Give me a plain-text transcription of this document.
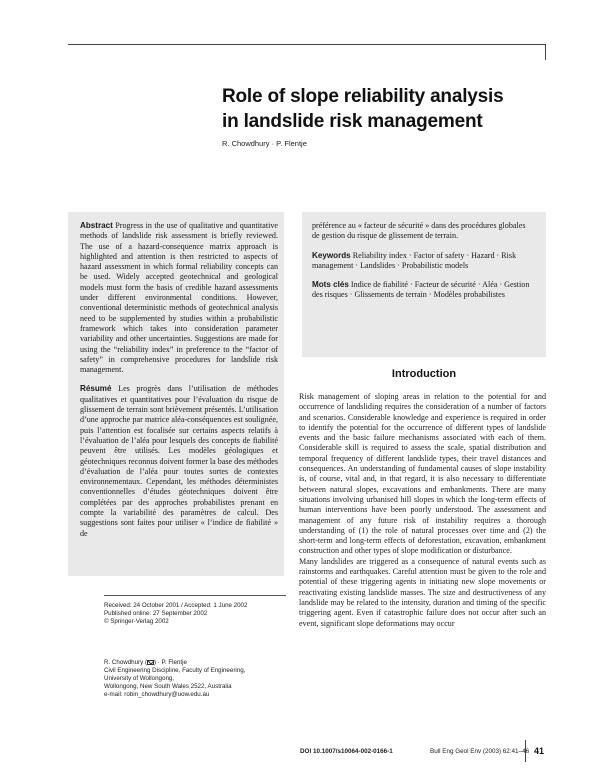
Role of slope reliability analysis
in landslide risk management
R. Chowdhury · P. Flentje

Abstract Progress in the use of qualitative and quantitative methods of landslide risk assessment is briefly reviewed. The use of a hazard-consequence matrix approach is highlighted and attention is then restricted to aspects of hazard assessment in which formal reliability concepts can be used. Widely accepted geotechnical and geological models must form the basis of credible hazard assessments under different environmental conditions. However, conventional deterministic methods of geotechnical analysis need to be supplemented by studies within a probabilistic framework which takes into consideration parameter variability and other uncertainties. Suggestions are made for using the “reliability index” in preference to the “factor of safety” in comprehensive procedures for landslide risk management.

Résumé Les progrès dans l’utilisation de méthodes qualitatives et quantitatives pour l’évaluation du risque de glissement de terrain sont brièvement présentés. L’utilisation d’une approche par matrice aléa-conséquences est soulignée, puis l’attention est focalisée sur certains aspects relatifs à l’évaluation de l’aléa pour lesquels des concepts de fiabilité peuvent être utilisés. Les modèles géologiques et géotechniques reconnus doivent former la base des méthodes d’évaluation de l’aléa pour toutes sortes de contextes environnementaux. Cependant, les méthodes déterministes conventionnelles d’études géotechniques doivent être complétées par des approches probabilistes prenant en compte la variabilité des paramètres de calcul. Des suggestions sont faites pour utiliser « l’indice de fiabilité » de

préférence au « facteur de sécurité » dans des procédures globales de gestion du risque de glissement de terrain.

Keywords Reliability index · Factor of safety · Hazard · Risk management · Landslides · Probabilistic models

Mots clés Indice de fiabilité · Facteur de sécurité · Aléa · Gestion des risques · Glissements de terrain · Modèles probabilistes

Introduction

Risk management of sloping areas in relation to the potential for and occurrence of landsliding requires the consideration of a number of factors and scenarios. Considerable knowledge and experience is required in order to identify the potential for the occurrence of different types of landslide events and the basic failure mechanisms associated with each of them. Considerable skill is required to assess the scale, spatial distribution and temporal frequency of different landslide types, their travel distances and consequences. An understanding of fundamental causes of slope instability is, of course, vital and, in that regard, it is also necessary to differentiate between natural slopes, excavations and embankments. There are many situations involving urbanised hill slopes in which the long-term effects of human interventions have been poorly understood. The assessment and management of any future risk of instability requires a thorough understanding of (1) the role of natural processes over time and (2) the short-term and long-term effects of deforestation, excavation, embankment construction and other types of slope modification or disturbance.

Many landslides are triggered as a consequence of natural events such as rainstorms and earthquakes. Careful attention must be given to the role and potential of these triggering agents in initiating new slope movements or reactivating existing landslide masses. The size and destructiveness of any landslide may be related to the intensity, duration and timing of the specific triggering agent. Even if catastrophic failure does not occur after such an event, significant slope deformations may occur

Received: 24 October 2001 / Accepted: 1 June 2002

Published online: 27 September 2002

© Springer-Verlag 2002

R. Chowdhury ( ) · P. Flentje

Civil Engineering Discipline, Faculty of Engineering,

University of Wollongong,

Wollongong, New South Wales 2522, Australia

e-mail: robin_chowdhury@uow.edu.au

DOI 10.1007/s10064-002-0166-1	Bull Eng Geol Env (2003) 62:41–46 41
